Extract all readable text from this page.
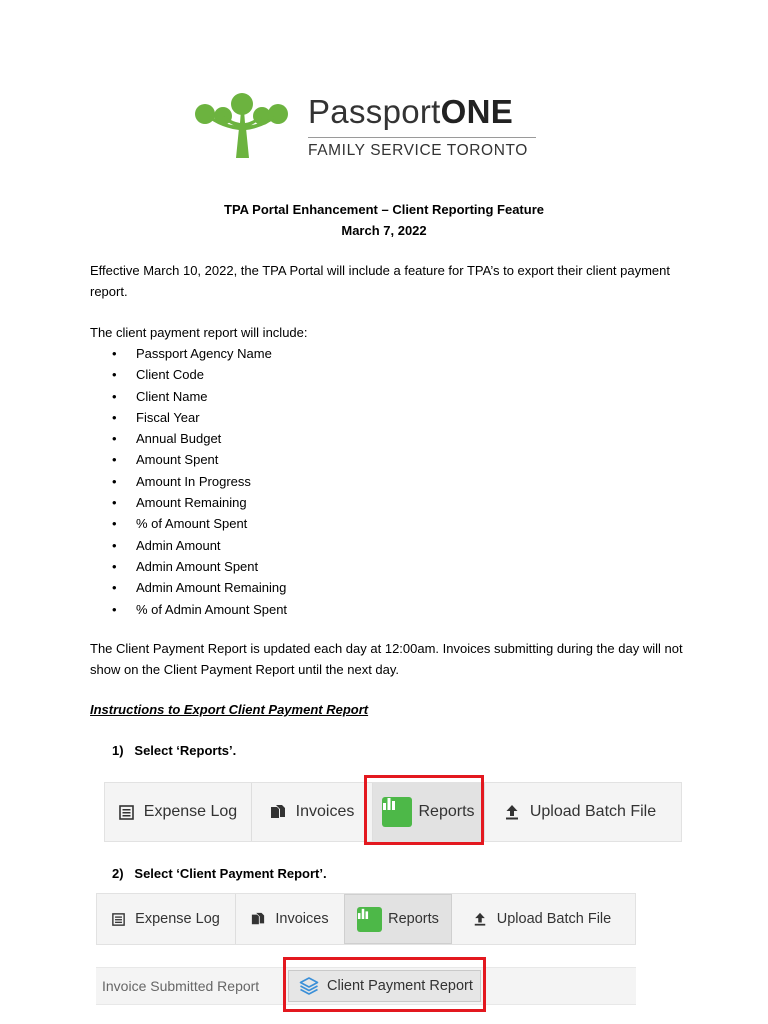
PassportONE
FAMILY SERVICE TORONTO
TPA Portal Enhancement – Client Reporting Feature
March 7, 2022
Effective March 10, 2022, the TPA Portal will include a feature for TPA’s to export their client payment report.
The client payment report will include:
• Passport Agency Name
• Client Code
• Client Name
• Fiscal Year
• Annual Budget
• Amount Spent
• Amount In Progress
• Amount Remaining
• % of Amount Spent
• Admin Amount
• Admin Amount Spent
• Admin Amount Remaining
• % of Admin Amount Spent
The Client Payment Report is updated each day at 12:00am. Invoices submitting during the day will not show on the Client Payment Report until the next day.
Instructions to Export Client Payment Report
1)   Select ‘Reports’.
Expense Log	Invoices	Reports	Upload Batch File
2)   Select ‘Client Payment Report’.
Expense Log	Invoices	Reports	Upload Batch File
Invoice Submitted Report	Client Payment Report
